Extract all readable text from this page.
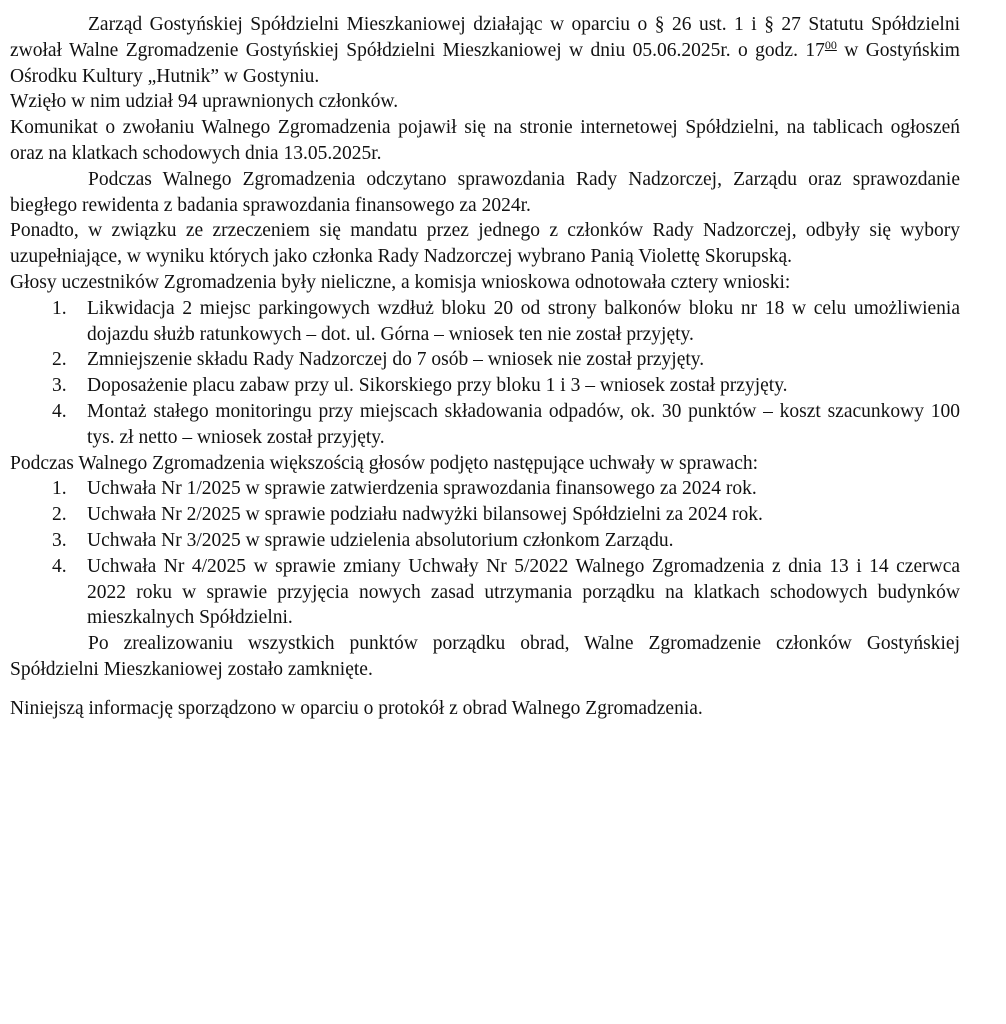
Zarząd Gostyńskiej Spółdzielni Mieszkaniowej działając w oparciu o § 26 ust. 1 i § 27 Statutu Spółdzielni zwołał Walne Zgromadzenie Gostyńskiej Spółdzielni Mieszkaniowej w dniu 05.06.2025r. o godz. $17^{00}$ w Gostyńskim Ośrodku Kultury „Hutnik” w Gostyniu.

Wzięło w nim udział 94 uprawnionych członków.

Komunikat o zwołaniu Walnego Zgromadzenia pojawił się na stronie internetowej Spółdzielni, na tablicach ogłoszeń oraz na klatkach schodowych dnia 13.05.2025r.

Podczas Walnego Zgromadzenia odczytano sprawozdania Rady Nadzorczej, Zarządu oraz sprawozdanie biegłego rewidenta z badania sprawozdania finansowego za 2024r.

Ponadto, w związku ze zrzeczeniem się mandatu przez jednego z członków Rady Nadzorczej, odbyły się wybory uzupełniające, w wyniku których jako członka Rady Nadzorczej wybrano Panią Violettę Skorupską.

Głosy uczestników Zgromadzenia były nieliczne, a komisja wnioskowa odnotowała cztery wnioski:

1. Likwidacja 2 miejsc parkingowych wzdłuż bloku 20 od strony balkonów bloku nr 18 w celu umożliwienia dojazdu służb ratunkowych – dot. ul. Górna – wniosek ten nie został przyjęty.
2. Zmniejszenie składu Rady Nadzorczej do 7 osób – wniosek nie został przyjęty.
3. Doposażenie placu zabaw przy ul. Sikorskiego przy bloku 1 i 3 – wniosek został przyjęty.
4. Montaż stałego monitoringu przy miejscach składowania odpadów, ok. 30 punktów – koszt szacunkowy 100 tys. zł netto – wniosek został przyjęty.

Podczas Walnego Zgromadzenia większością głosów podjęto następujące uchwały w sprawach:

1. Uchwała Nr 1/2025 w sprawie zatwierdzenia sprawozdania finansowego za 2024 rok.
2. Uchwała Nr 2/2025 w sprawie podziału nadwyżki bilansowej Spółdzielni za 2024 rok.
3. Uchwała Nr 3/2025 w sprawie udzielenia absolutorium członkom Zarządu.
4. Uchwała Nr 4/2025 w sprawie zmiany Uchwały Nr 5/2022 Walnego Zgromadzenia z dnia 13 i 14 czerwca 2022 roku w sprawie przyjęcia nowych zasad utrzymania porządku na klatkach schodowych budynków mieszkalnych Spółdzielni.

Po zrealizowaniu wszystkich punktów porządku obrad, Walne Zgromadzenie członków Gostyńskiej Spółdzielni Mieszkaniowej zostało zamknięte.

Niniejszą informację sporządzono w oparciu o protokół z obrad Walnego Zgromadzenia.
